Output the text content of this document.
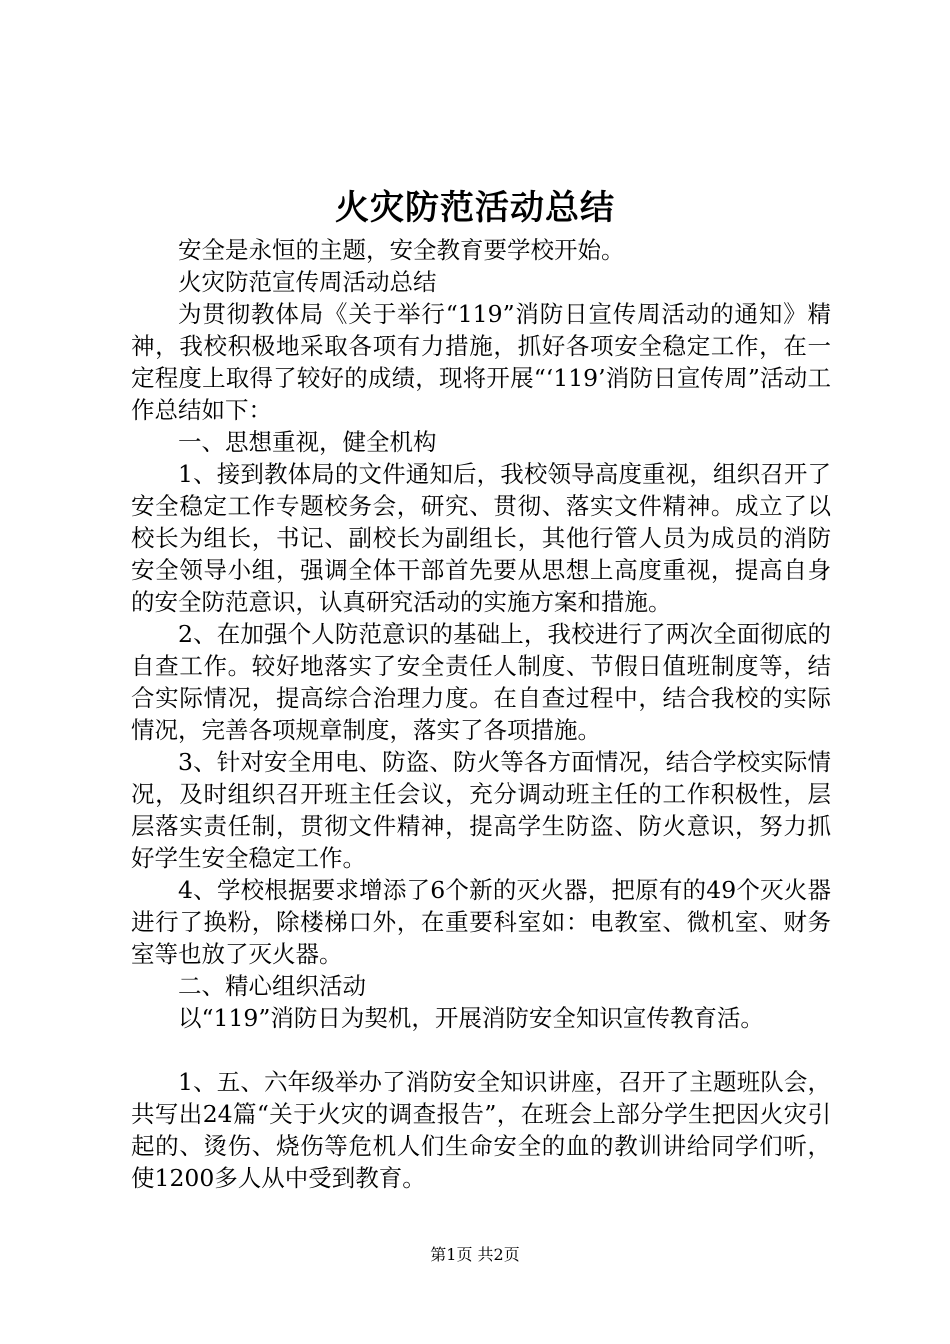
火灾防范活动总结

安全是永恒的主题，安全教育要学校开始。

火灾防范宣传周活动总结

为贯彻教体局《关于举行“119”消防日宣传周活动的通知》精神，我校积极地采取各项有力措施，抓好各项安全稳定工作，在一定程度上取得了较好的成绩，现将开展“‘119’消防日宣传周”活动工作总结如下：

一、思想重视，健全机构

1、接到教体局的文件通知后，我校领导高度重视，组织召开了安全稳定工作专题校务会，研究、贯彻、落实文件精神。成立了以校长为组长，书记、副校长为副组长，其他行管人员为成员的消防安全领导小组，强调全体干部首先要从思想上高度重视，提高自身的安全防范意识，认真研究活动的实施方案和措施。

2、在加强个人防范意识的基础上，我校进行了两次全面彻底的自查工作。较好地落实了安全责任人制度、节假日值班制度等，结合实际情况，提高综合治理力度。在自查过程中，结合我校的实际情况，完善各项规章制度，落实了各项措施。

3、针对安全用电、防盗、防火等各方面情况，结合学校实际情况，及时组织召开班主任会议，充分调动班主任的工作积极性，层层落实责任制，贯彻文件精神，提高学生防盗、防火意识，努力抓好学生安全稳定工作。

4、学校根据要求增添了6个新的灭火器，把原有的49个灭火器进行了换粉，除楼梯口外，在重要科室如：电教室、微机室、财务室等也放了灭火器。

二、精心组织活动

以“119”消防日为契机，开展消防安全知识宣传教育活。

1、五、六年级举办了消防安全知识讲座，召开了主题班队会，共写出24篇“关于火灾的调查报告”，在班会上部分学生把因火灾引起的、烫伤、烧伤等危机人们生命安全的血的教训讲给同学们听，使1200多人从中受到教育。

第1页 共2页
